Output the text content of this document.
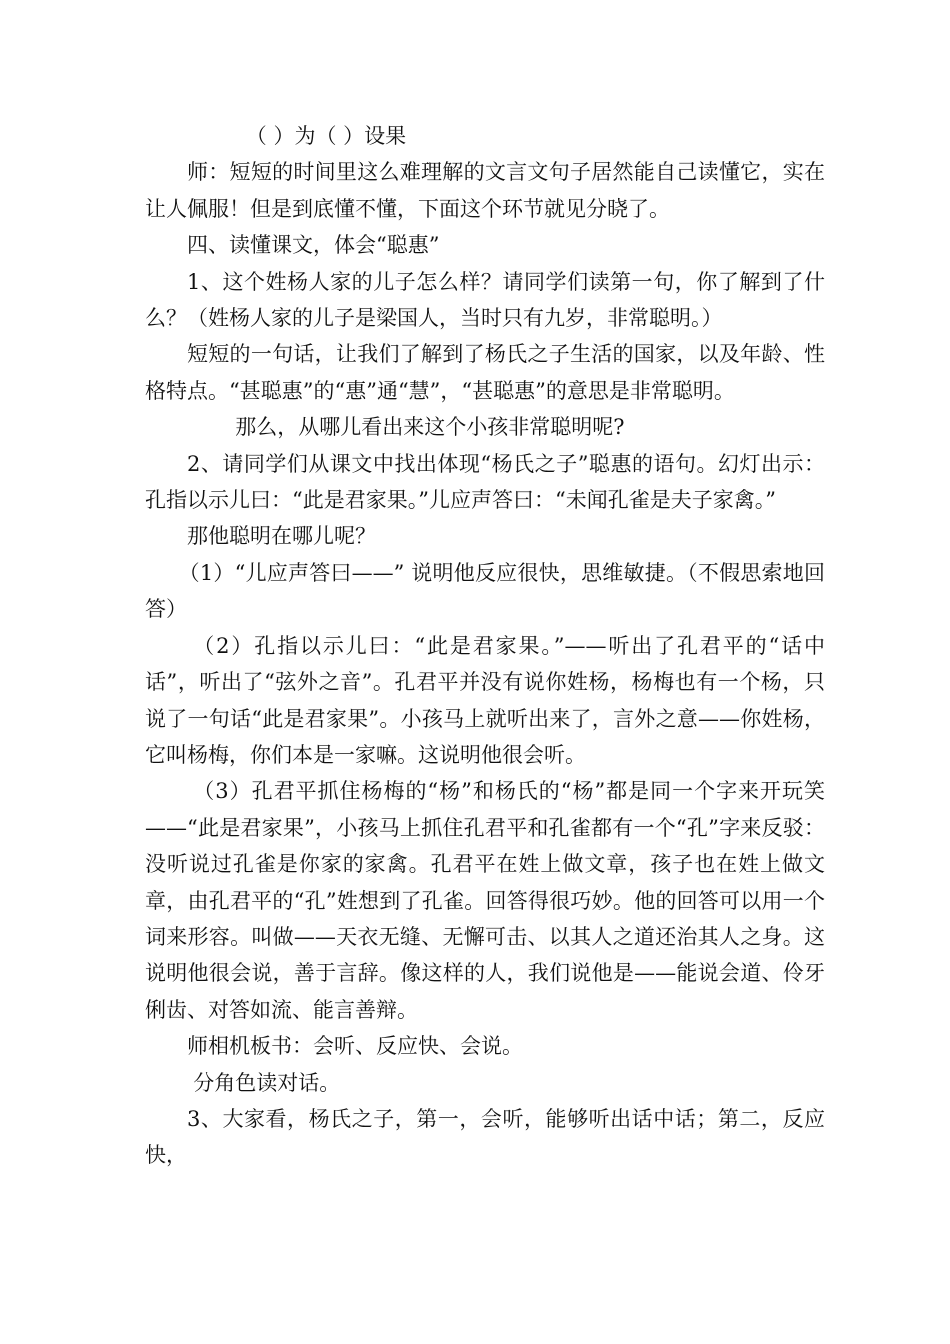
（ ）为（ ）设果

师：短短的时间里这么难理解的文言文句子居然能自己读懂它，实在让人佩服！但是到底懂不懂，下面这个环节就见分晓了。

四、读懂课文，体会“聪惠”

1、这个姓杨人家的儿子怎么样？请同学们读第一句，你了解到了什么？（姓杨人家的儿子是梁国人，当时只有九岁，非常聪明。）

短短的一句话，让我们了解到了杨氏之子生活的国家，以及年龄、性格特点。“甚聪惠”的“惠”通“慧”，“甚聪惠”的意思是非常聪明。

那么，从哪儿看出来这个小孩非常聪明呢?

2、请同学们从课文中找出体现“杨氏之子”聪惠的语句。幻灯出示：孔指以示儿曰：“此是君家果。”儿应声答曰：“未闻孔雀是夫子家禽。”

那他聪明在哪儿呢？

（1）“儿应声答曰——” 说明他反应很快，思维敏捷。（不假思索地回答）

（2）孔指以示儿曰：“此是君家果。”——听出了孔君平的“话中话”，听出了“弦外之音”。孔君平并没有说你姓杨，杨梅也有一个杨，只说了一句话“此是君家果”。小孩马上就听出来了，言外之意——你姓杨，它叫杨梅，你们本是一家嘛。这说明他很会听。

（3）孔君平抓住杨梅的“杨”和杨氏的“杨”都是同一个字来开玩笑——“此是君家果”，小孩马上抓住孔君平和孔雀都有一个“孔”字来反驳：没听说过孔雀是你家的家禽。孔君平在姓上做文章，孩子也在姓上做文章，由孔君平的“孔”姓想到了孔雀。回答得很巧妙。他的回答可以用一个词来形容。叫做——天衣无缝、无懈可击、以其人之道还治其人之身。这说明他很会说，善于言辞。像这样的人，我们说他是——能说会道、伶牙俐齿、对答如流、能言善辩。

师相机板书：会听、反应快、会说。

分角色读对话。

3、大家看，杨氏之子，第一，会听，能够听出话中话；第二，反应快，
